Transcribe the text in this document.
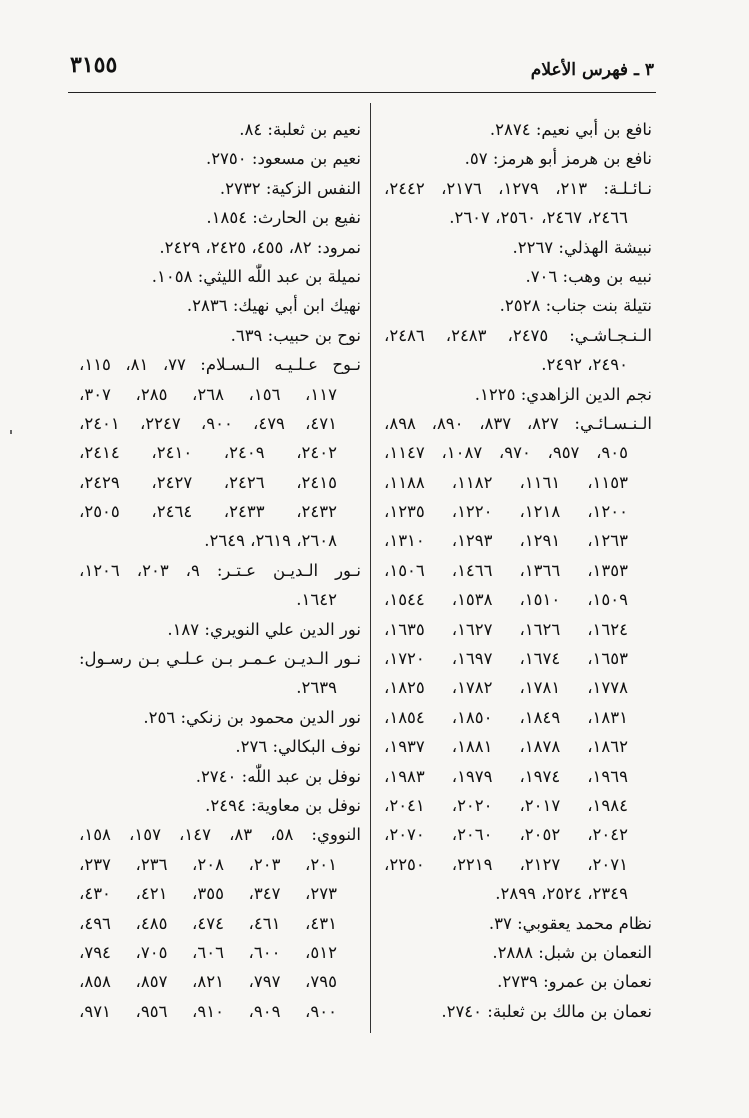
٣ ـ فهرس الأعلام
٣١٥٥
نافع بن أبي نعيم: ٢٨٧٤.
نافع بن هرمز أبو هرمز: ٥٧.
نـائـلـة: ٢١٣، ١٢٧٩، ٢١٧٦، ٢٤٤٢،
٢٤٦٦، ٢٤٦٧، ٢٥٦٠، ٢٦٠٧.
نبيشة الهذلي: ٢٢٦٧.
نبيه بن وهب: ٧٠٦.
نتيلة بنت جناب: ٢٥٢٨.
الـنـجـاشـي: ٢٤٧٥، ٢٤٨٣، ٢٤٨٦،
٢٤٩٠، ٢٤٩٢.
نجم الدين الزاهدي: ١٢٢٥.
الـنـسـائـي: ٨٢٧، ٨٣٧، ٨٩٠، ٨٩٨،
٩٠٥، ٩٥٧، ٩٧٠، ١٠٨٧، ١١٤٧،
١١٥٣، ١١٦١، ١١٨٢، ١١٨٨،
١٢٠٠، ١٢١٨، ١٢٢٠، ١٢٣٥،
١٢٦٣، ١٢٩١، ١٢٩٣، ١٣١٠،
١٣٥٣، ١٣٦٦، ١٤٦٦، ١٥٠٦،
١٥٠٩، ١٥١٠، ١٥٣٨، ١٥٤٤،
١٦٢٤، ١٦٢٦، ١٦٢٧، ١٦٣٥،
١٦٥٣، ١٦٧٤، ١٦٩٧، ١٧٢٠،
١٧٧٨، ١٧٨١، ١٧٨٢، ١٨٢٥،
١٨٣١، ١٨٤٩، ١٨٥٠، ١٨٥٤،
١٨٦٢، ١٨٧٨، ١٨٨١، ١٩٣٧،
١٩٦٩، ١٩٧٤، ١٩٧٩، ١٩٨٣،
١٩٨٤، ٢٠١٧، ٢٠٢٠، ٢٠٤١،
٢٠٤٢، ٢٠٥٢، ٢٠٦٠، ٢٠٧٠،
٢٠٧١، ٢١٢٧، ٢٢١٩، ٢٢٥٠،
٢٣٤٩، ٢٥٢٤، ٢٨٩٩.
نظام محمد يعقوبي: ٣٧.
النعمان بن شبل: ٢٨٨٨.
نعمان بن عمرو: ٢٧٣٩.
نعمان بن مالك بن ثعلبة: ٢٧٤٠.
نعيم بن ثعلبة: ٨٤.
نعيم بن مسعود: ٢٧٥٠.
النفس الزكية: ٢٧٣٢.
نفيع بن الحارث: ١٨٥٤.
نمرود: ٨٢، ٤٥٥، ٢٤٢٥، ٢٤٢٩.
نميلة بن عبد اللّٰه الليثي: ١٠٥٨.
نهيك ابن أبي نهيك: ٢٨٣٦.
نوح بن حبيب: ٦٣٩.
نـوح عـلـيـه الـسـلام: ٧٧، ٨١، ١١٥،
١١٧، ١٥٦، ٢٦٨، ٢٨٥، ٣٠٧،
٤٧١، ٤٧٩، ٩٠٠، ٢٢٤٧، ٢٤٠١،
٢٤٠٢، ٢٤٠٩، ٢٤١٠، ٢٤١٤،
٢٤١٥، ٢٤٢٦، ٢٤٢٧، ٢٤٢٩،
٢٤٣٢، ٢٤٣٣، ٢٤٦٤، ٢٥٠٥،
٢٦٠٨، ٢٦١٩، ٢٦٤٩.
نـور الـديـن عـتـر: ٩، ٢٠٣، ١٢٠٦،
١٦٤٢.
نور الدين علي النويري: ١٨٧.
نـور الـديـن عـمـر بـن عـلـي بـن رسـول:
٢٦٣٩.
نور الدين محمود بن زنكي: ٢٥٦.
نوف البكالي: ٢٧٦.
نوفل بن عبد اللّٰه: ٢٧٤٠.
نوفل بن معاوية: ٢٤٩٤.
النووي: ٥٨، ٨٣، ١٤٧، ١٥٧، ١٥٨،
٢٠١، ٢٠٣، ٢٠٨، ٢٣٦، ٢٣٧،
٢٧٣، ٣٤٧، ٣٥٥، ٤٢١، ٤٣٠،
٤٣١، ٤٦١، ٤٧٤، ٤٨٥، ٤٩٦،
٥١٢، ٦٠٠، ٦٠٦، ٧٠٥، ٧٩٤،
٧٩٥، ٧٩٧، ٨٢١، ٨٥٧، ٨٥٨،
٩٠٠، ٩٠٩، ٩١٠، ٩٥٦، ٩٧١،
